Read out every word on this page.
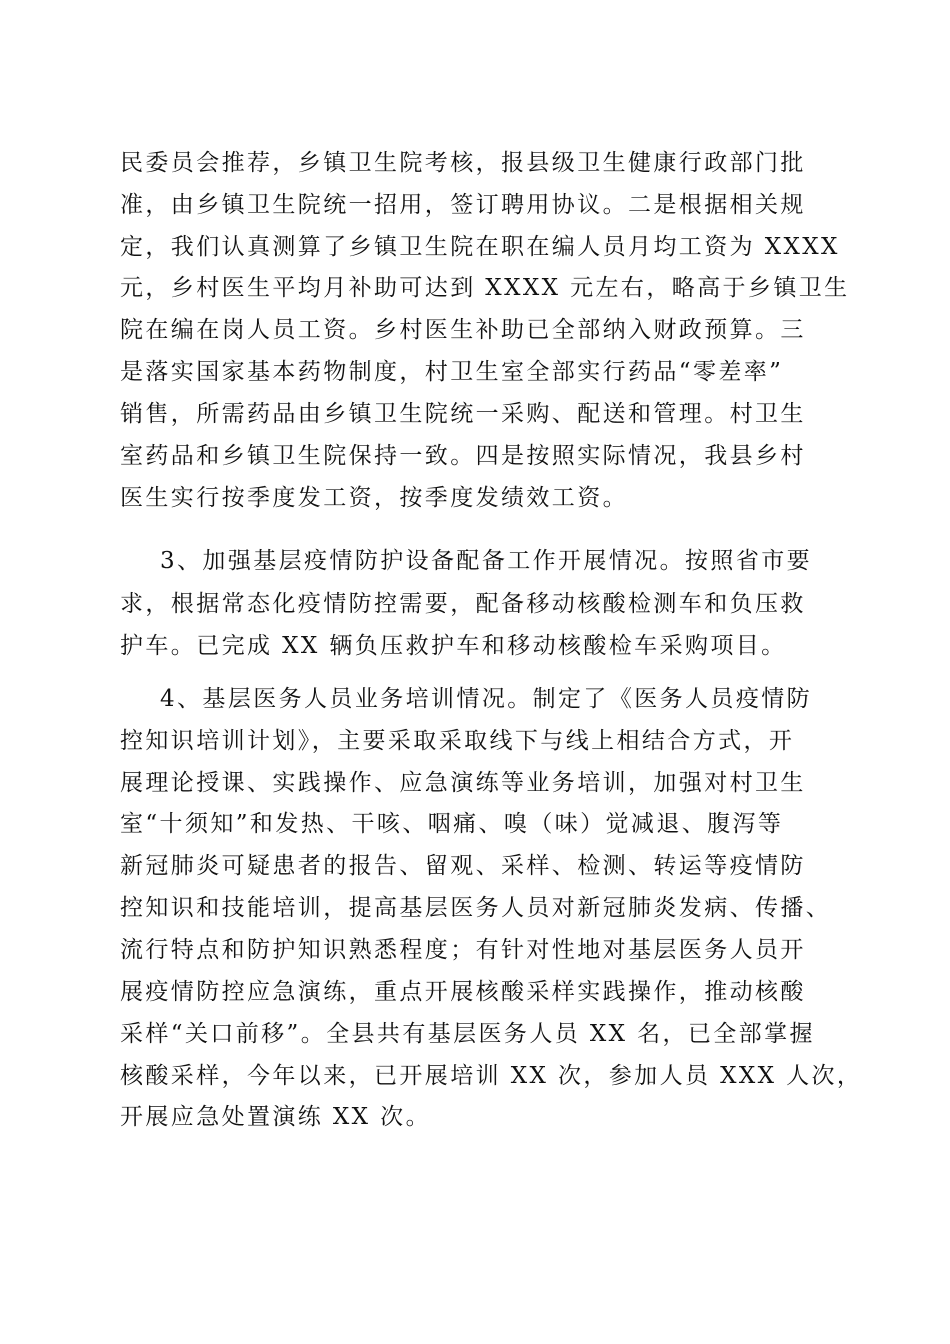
民委员会推荐，乡镇卫生院考核，报县级卫生健康行政部门批
准，由乡镇卫生院统一招用，签订聘用协议。二是根据相关规
定，我们认真测算了乡镇卫生院在职在编人员月均工资为 XXXX
元，乡村医生平均月补助可达到 XXXX 元左右，略高于乡镇卫生
院在编在岗人员工资。乡村医生补助已全部纳入财政预算。三
是落实国家基本药物制度，村卫生室全部实行药品“零差率”
销售，所需药品由乡镇卫生院统一采购、配送和管理。村卫生
室药品和乡镇卫生院保持一致。四是按照实际情况，我县乡村
医生实行按季度发工资，按季度发绩效工资。
3、加强基层疫情防护设备配备工作开展情况。按照省市要
求，根据常态化疫情防控需要，配备移动核酸检测车和负压救
护车。已完成 XX 辆负压救护车和移动核酸检车采购项目。
4、基层医务人员业务培训情况。制定了《医务人员疫情防
控知识培训计划》，主要采取采取线下与线上相结合方式，开
展理论授课、实践操作、应急演练等业务培训，加强对村卫生
室“十须知”和发热、干咳、咽痛、嗅（味）觉减退、腹泻等
新冠肺炎可疑患者的报告、留观、采样、检测、转运等疫情防
控知识和技能培训，提高基层医务人员对新冠肺炎发病、传播、
流行特点和防护知识熟悉程度；有针对性地对基层医务人员开
展疫情防控应急演练，重点开展核酸采样实践操作，推动核酸
采样“关口前移”。全县共有基层医务人员 XX 名，已全部掌握
核酸采样，今年以来，已开展培训 XX 次，参加人员 XXX 人次，
开展应急处置演练 XX 次。
